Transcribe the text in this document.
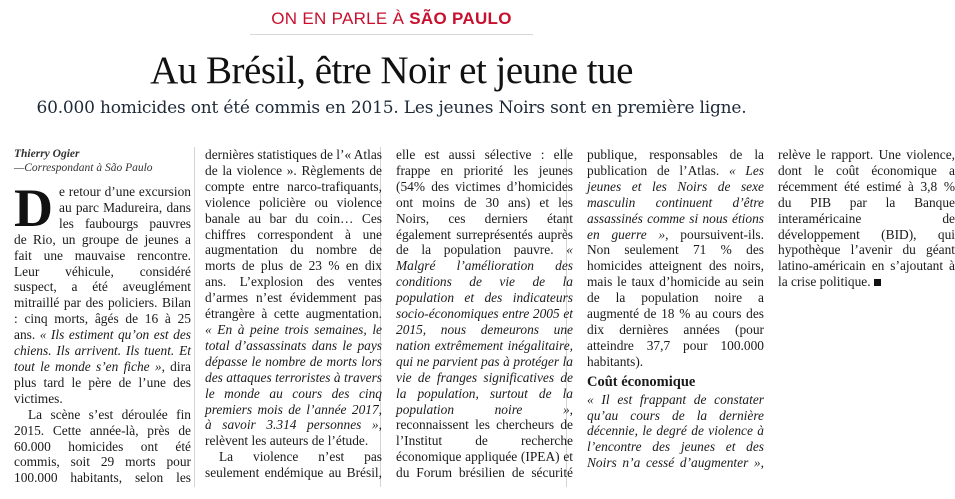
ON EN PARLE À SÃO PAULO
Au Brésil, être Noir et jeune tue
60.000 homicides ont été commis en 2015. Les jeunes Noirs sont en première ligne.
Thierry Ogier
—Correspondant à São Paulo

De retour d’une excursion au parc Madureira, dans les faubourgs pauvres de Rio, un groupe de jeunes a fait une mauvaise rencontre. Leur véhicule, considéré suspect, a été aveuglément mitraillé par des policiers. Bilan : cinq morts, âgés de 16 à 25 ans. « Ils estiment qu’on est des chiens. Ils arrivent. Ils tuent. Et tout le monde s’en fiche », dira plus tard le père de l’une des victimes.

La scène s’est déroulée fin 2015. Cette année-là, près de 60.000 homicides ont été commis, soit 29 morts pour 100.000 habitants, selon les dernières statistiques de l’« Atlas de la violence ». Règlements de compte entre narco-trafiquants, violence policière ou violence banale au bar du coin… Ces chiffres correspondent à une augmentation du nombre de morts de plus de 23 % en dix ans. L’explosion des ventes d’armes n’est évidemment pas étrangère à cette augmentation. « En à peine trois semaines, le total d’assassinats dans le pays dépasse le nombre de morts lors des attaques terroristes à travers le monde au cours des cinq premiers mois de l’année 2017, à savoir 3.314 personnes », relèvent les auteurs de l’étude.

La violence n’est pas seulement endémique au Brésil, elle est aussi sélective : elle frappe en priorité les jeunes (54% des victimes d’homicides ont moins de 30 ans) et les Noirs, ces derniers étant également surreprésentés auprès de la population pauvre. « Malgré l’amélioration des conditions de vie de la population et des indicateurs socio-économiques entre 2005 et 2015, nous demeurons une nation extrêmement inégalitaire, qui ne parvient pas à protéger la vie de franges significatives de la population, surtout de la population noire », reconnaissent les chercheurs de l’Institut de recherche économique appliquée (IPEA) et du Forum brésilien de sécurité publique, responsables de la publication de l’Atlas. « Les jeunes et les Noirs de sexe masculin continuent d’être assassinés comme si nous étions en guerre », poursuivent-ils. Non seulement 71 % des homicides atteignent des noirs, mais le taux d’homicide au sein de la population noire a augmenté de 18 % au cours des dix dernières années (pour atteindre 37,7 pour 100.000 habitants).

Coût économique

« Il est frappant de constater qu’au cours de la dernière décennie, le degré de violence à l’encontre des jeunes et des Noirs n’a cessé d’augmenter », relève le rapport. Une violence, dont le coût économique a récemment été estimé à 3,8 % du PIB par la Banque interaméricaine de développement (BID), qui hypothèque l’avenir du géant latino-américain en s’ajoutant à la crise politique.
